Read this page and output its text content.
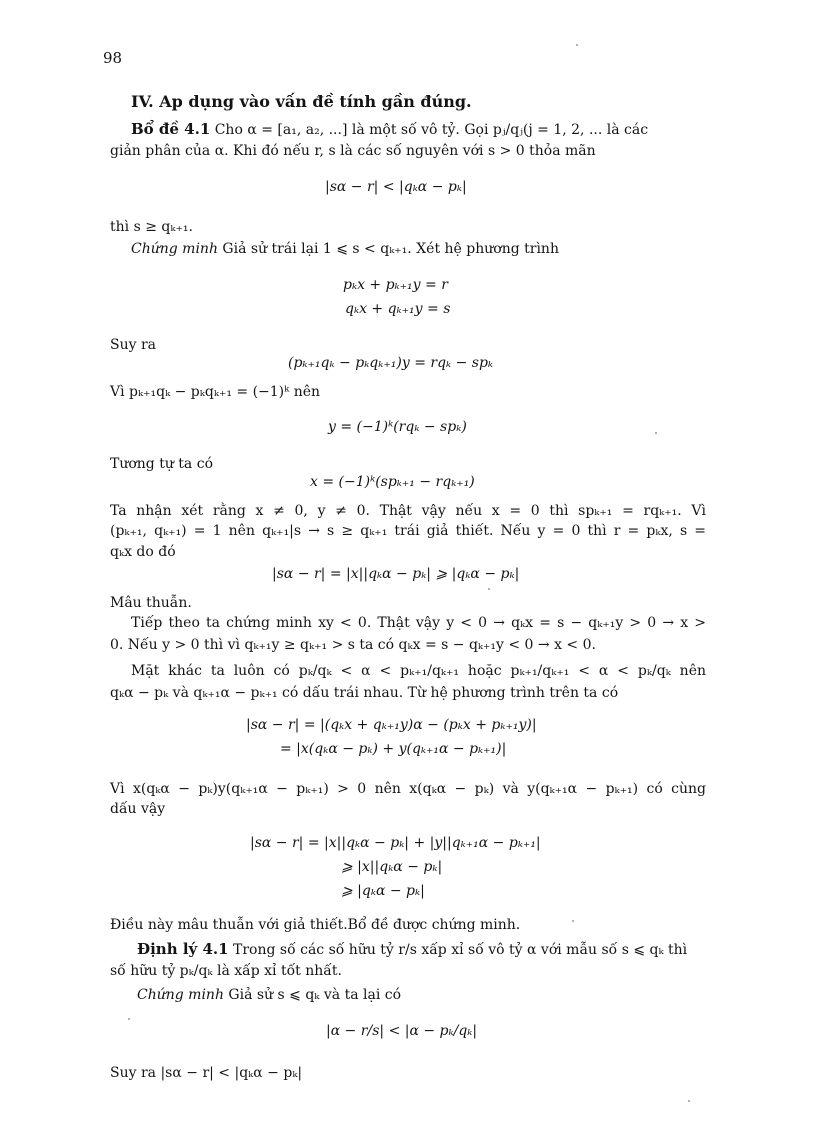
98
IV. Ap dụng vào vấn đề tính gần đúng.
Bổ đề 4.1 Cho α = [a₁, a₂, ...] là một số vô tỷ. Gọi pⱼ/qⱼ(j = 1, 2, ... là các
giản phân của α. Khi đó nếu r, s là các số nguyên với s > 0 thỏa mãn
|sα − r| < |qₖα − pₖ|
thì s ≥ qₖ₊₁.
Chứng minh Giả sử trái lại 1 ⩽ s < qₖ₊₁. Xét hệ phương trình
pₖx + pₖ₊₁y = r
qₖx + qₖ₊₁y = s
Suy ra
(pₖ₊₁qₖ − pₖqₖ₊₁)y = rqₖ − spₖ
Vì pₖ₊₁qₖ − pₖqₖ₊₁ = (−1)ᵏ nên
y = (−1)ᵏ(rqₖ − spₖ)
Tương tự ta có
x = (−1)ᵏ(spₖ₊₁ − rqₖ₊₁)
Ta nhận xét rằng x ≠ 0, y ≠ 0. Thật vậy nếu x = 0 thì spₖ₊₁ = rqₖ₊₁. Vì
(pₖ₊₁, qₖ₊₁) = 1 nên qₖ₊₁|s → s ≥ qₖ₊₁ trái giả thiết. Nếu y = 0 thì r = pₖx, s =
qₖx do đó
|sα − r| = |x||qₖα − pₖ| ⩾ |qₖα − pₖ|
Mâu thuẫn.
Tiếp theo ta chứng minh xy < 0. Thật vậy y < 0 → qₖx = s − qₖ₊₁y > 0 → x >
0. Nếu y > 0 thì vì qₖ₊₁y ≥ qₖ₊₁ > s ta có qₖx = s − qₖ₊₁y < 0 → x < 0.
Mặt khác ta luôn có pₖ/qₖ < α < pₖ₊₁/qₖ₊₁ hoặc pₖ₊₁/qₖ₊₁ < α < pₖ/qₖ nên
qₖα − pₖ và qₖ₊₁α − pₖ₊₁ có dấu trái nhau. Từ hệ phương trình trên ta có
|sα − r| = |(qₖx + qₖ₊₁y)α − (pₖx + pₖ₊₁y)|
= |x(qₖα − pₖ) + y(qₖ₊₁α − pₖ₊₁)|
Vì x(qₖα − pₖ)y(qₖ₊₁α − pₖ₊₁) > 0 nên x(qₖα − pₖ) và y(qₖ₊₁α − pₖ₊₁) có cùng
dấu vậy
|sα − r| = |x||qₖα − pₖ| + |y||qₖ₊₁α − pₖ₊₁|
⩾ |x||qₖα − pₖ|
⩾ |qₖα − pₖ|
Điều này mâu thuẫn với giả thiết.Bổ đề được chứng minh.
Định lý 4.1 Trong số các số hữu tỷ r/s xấp xỉ số vô tỷ α với mẫu số s ⩽ qₖ thì
số hữu tỷ pₖ/qₖ là xấp xỉ tốt nhất.
Chứng minh Giả sử s ⩽ qₖ và ta lại có
|α − r/s| < |α − pₖ/qₖ|
Suy ra |sα − r| < |qₖα − pₖ|
